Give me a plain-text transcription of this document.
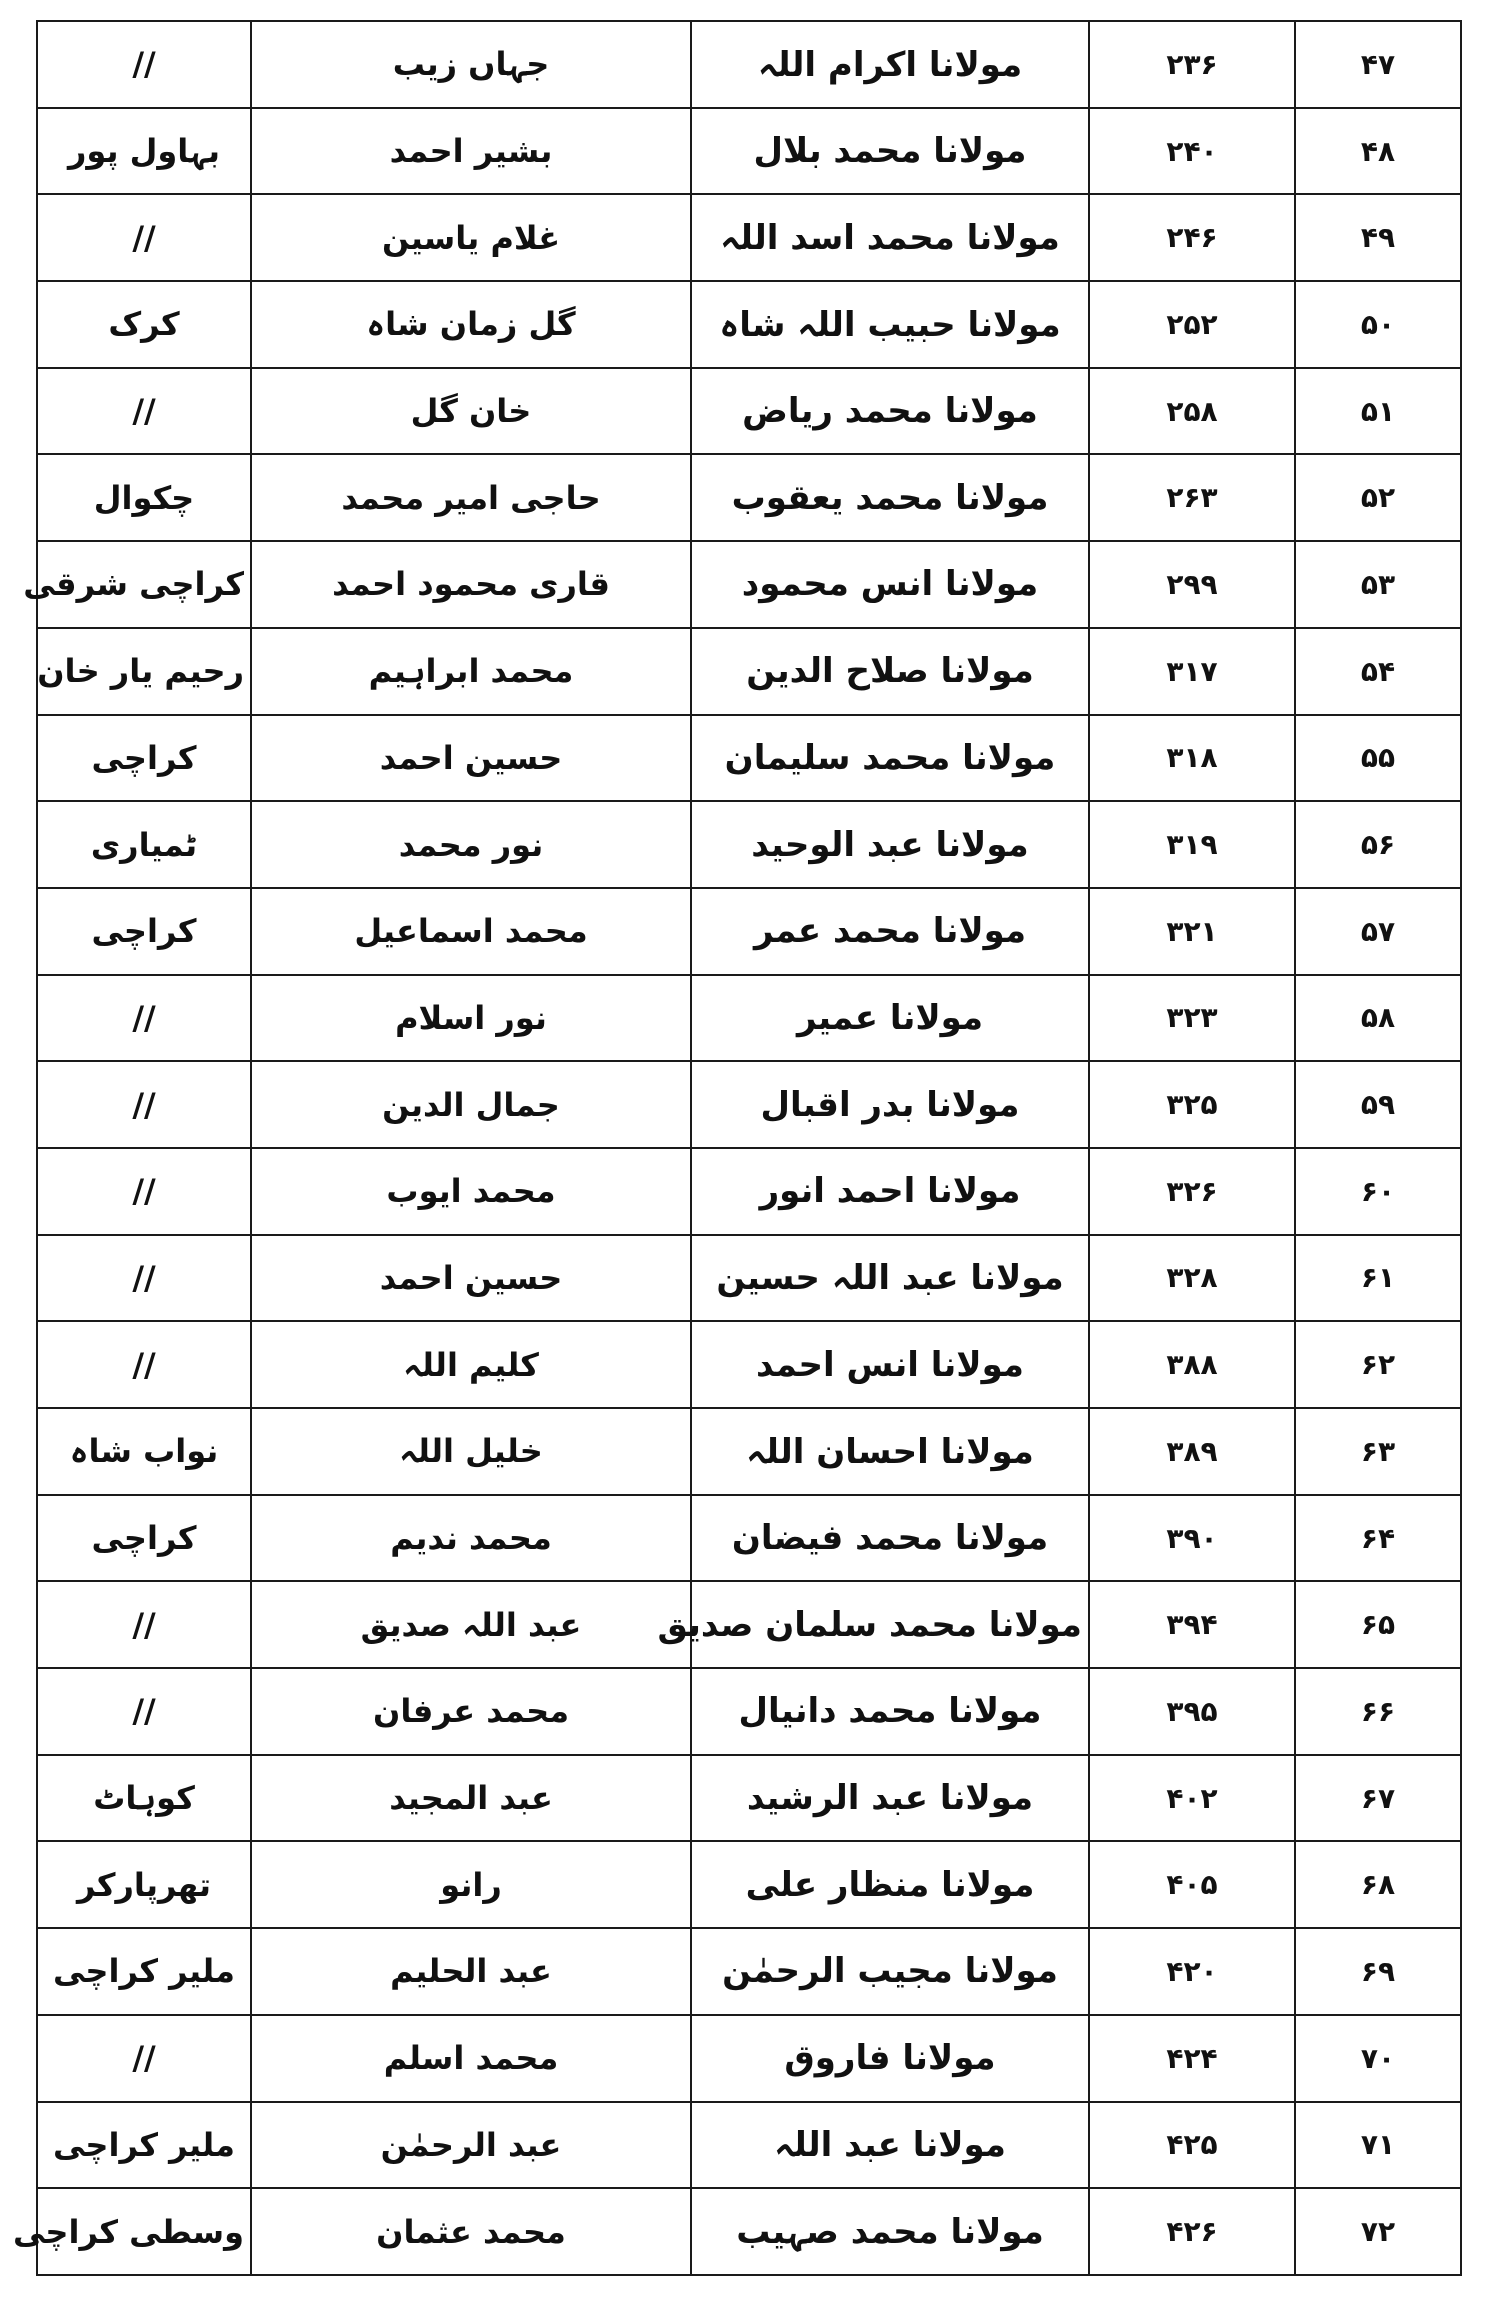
۴۷	۲۳۶	مولانا اکرام اللہ	جہاں زیب	//
۴۸	۲۴۰	مولانا محمد بلال	بشیر احمد	بہاول پور
۴۹	۲۴۶	مولانا محمد اسد اللہ	غلام یاسین	//
۵۰	۲۵۲	مولانا حبیب اللہ شاہ	گل زمان شاہ	کرک
۵۱	۲۵۸	مولانا محمد ریاض	خان گل	//
۵۲	۲۶۳	مولانا محمد یعقوب	حاجی امیر محمد	چکوال
۵۳	۲۹۹	مولانا انس محمود	قاری محمود احمد	کراچی شرقی
۵۴	۳۱۷	مولانا صلاح الدین	محمد ابراہیم	رحیم یار خان
۵۵	۳۱۸	مولانا محمد سلیمان	حسین احمد	کراچی
۵۶	۳۱۹	مولانا عبد الوحید	نور محمد	ٹمیاری
۵۷	۳۲۱	مولانا محمد عمر	محمد اسماعیل	کراچی
۵۸	۳۲۳	مولانا عمیر	نور اسلام	//
۵۹	۳۲۵	مولانا بدر اقبال	جمال الدین	//
۶۰	۳۲۶	مولانا احمد انور	محمد ایوب	//
۶۱	۳۲۸	مولانا عبد اللہ حسین	حسین احمد	//
۶۲	۳۸۸	مولانا انس احمد	کلیم اللہ	//
۶۳	۳۸۹	مولانا احسان اللہ	خلیل اللہ	نواب شاہ
۶۴	۳۹۰	مولانا محمد فیضان	محمد ندیم	کراچی
۶۵	۳۹۴	مولانا محمد سلمان صدیق	عبد اللہ صدیق	//
۶۶	۳۹۵	مولانا محمد دانیال	محمد عرفان	//
۶۷	۴۰۲	مولانا عبد الرشید	عبد المجید	کوہاٹ
۶۸	۴۰۵	مولانا منظار علی	رانو	تھرپارکر
۶۹	۴۲۰	مولانا مجیب الرحمٰن	عبد الحلیم	ملیر کراچی
۷۰	۴۲۴	مولانا فاروق	محمد اسلم	//
۷۱	۴۲۵	مولانا عبد اللہ	عبد الرحمٰن	ملیر کراچی
۷۲	۴۲۶	مولانا محمد صہیب	محمد عثمان	وسطی کراچی
